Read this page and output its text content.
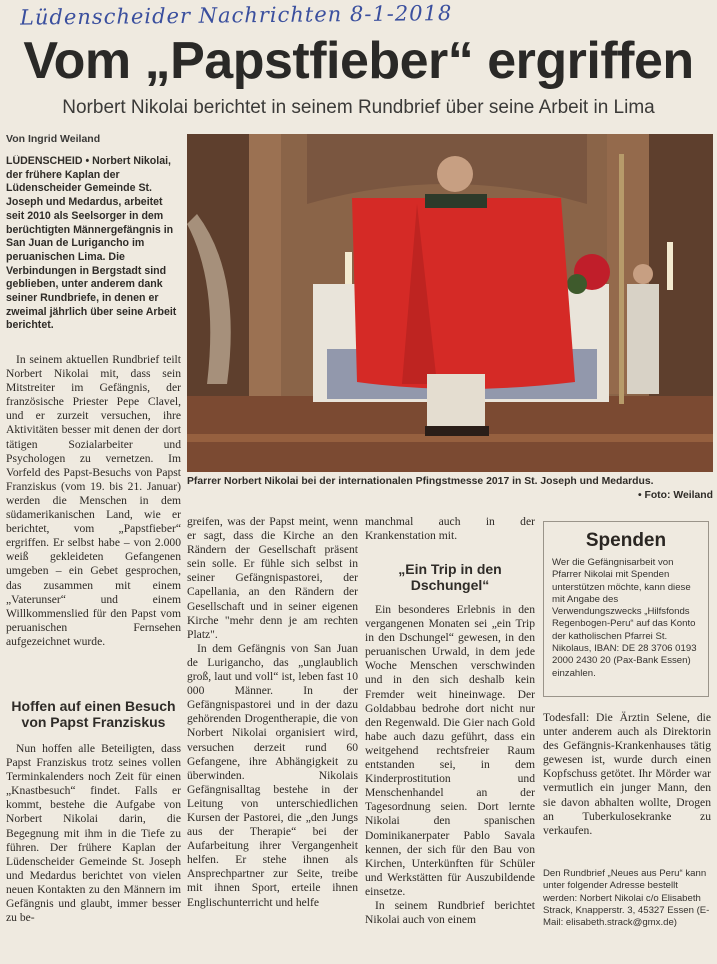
Lüdenscheider Nachrichten 8-1-2018
Vom „Papstfieber“ ergriffen
Norbert Nikolai berichtet in seinem Rundbrief über seine Arbeit in Lima
Von Ingrid Weiland
LÜDENSCHEID • Norbert Nikolai, der frühere Kaplan der Lüdenscheider Gemeinde St. Joseph und Medardus, arbeitet seit 2010 als Seelsorger in dem berüchtigten Männergefängnis in San Juan de Lurigancho im peruanischen Lima. Die Verbindungen in Bergstadt sind geblieben, unter anderem dank seiner Rundbriefe, in denen er zweimal jährlich über seine Arbeit berichtet.

In seinem aktuellen Rundbrief teilt Norbert Nikolai mit, dass sein Mitstreiter im Gefängnis, der französische Priester Pepe Clavel, und er zurzeit versuchen, ihre Aktivitäten besser mit denen der dort tätigen Sozialarbeiter und Psychologen zu vernetzen. Im Vorfeld des Papst-Besuchs von Papst Franziskus (vom 19. bis 21. Januar) werden die Menschen in dem südamerikanischen Land, wie er berichtet, vom „Papstfieber“ ergriffen. Er selbst habe – von 2.000 weiß gekleideten Gefangenen umgeben – ein Gebet gesprochen, das zusammen mit einem „Vaterunser“ und einem Willkommenslied für den Papst vom peruanischen Fernsehen aufgezeichnet wurde.

Hoffen auf einen Besuch von Papst Franziskus

Nun hoffen alle Beteiligten, dass Papst Franziskus trotz seines vollen Terminkalenders noch Zeit für einen „Knastbesuch“ findet. Falls er kommt, bestehe die Aufgabe von Norbert Nikolai darin, die Begegnung mit ihm in die Tiefe zu führen. Der frühere Kaplan der Lüdenscheider Gemeinde St. Joseph und Medardus berichtet von vielen neuen Kontakten zu den Männern im Gefängnis und glaubt, immer besser zu be-

Pfarrer Norbert Nikolai bei der internationalen Pfingstmesse 2017 in St. Joseph und Medardus.
• Foto: Weiland

greifen, was der Papst meint, wenn er sagt, dass die Kirche an den Rändern der Gesellschaft präsent sein solle. Er fühle sich selbst in seiner Gefängnispastorei, der Capellania, an den Rändern der Gesellschaft und in seiner eigenen Kirche "mehr denn je am rechten Platz".

In dem Gefängnis von San Juan de Lurigancho, das „unglaublich groß, laut und voll“ ist, leben fast 10 000 Männer. In der Gefängnispastorei und in der dazu gehörenden Drogentherapie, die von Norbert Nikolai organisiert wird, versuchen derzeit rund 60 Gefangene, ihre Abhängigkeit zu überwinden. Nikolais Gefängnisalltag bestehe in der Leitung von unterschiedlichen Kursen der Pastorei, die „den Jungs aus der Therapie“ bei der Aufarbeitung ihrer Vergangenheit helfen. Er stehe ihnen als Ansprechpartner zur Seite, treibe mit ihnen Sport, erteile ihnen Englischunterricht und helfe

manchmal auch in der Krankenstation mit.

„Ein Trip in den Dschungel“

Ein besonderes Erlebnis in den vergangenen Monaten sei „ein Trip in den Dschungel“ gewesen, in den peruanischen Urwald, in dem jede Woche Menschen verschwinden und in den sich deshalb kein Fremder weit hineinwage. Der Goldabbau bedrohe dort nicht nur den Regenwald. Die Gier nach Gold habe auch dazu geführt, dass ein weitgehend rechtsfreier Raum entstanden sei, in dem Kinderprostitution und Menschenhandel an der Tagesordnung seien. Dort lernte Nikolai den spanischen Dominikanerpater Pablo Savala kennen, der sich für den Bau von Kirchen, Unterkünften für Schüler und Werkstätten für Auszubildende einsetze.

In seinem Rundbrief berichtet Nikolai auch von einem

Spenden
Wer die Gefängnisarbeit von Pfarrer Nikolai mit Spenden unterstützen möchte, kann diese mit Angabe des Verwendungszwecks „Hilfsfonds Regenbogen-Peru“ auf das Konto der katholischen Pfarrei St. Nikolaus, IBAN: DE 28 3706 0193 2000 2430 20 (Pax-Bank Essen) einzahlen.

Todesfall: Die Ärztin Selene, die unter anderem auch als Direktorin des Gefängnis-Krankenhauses tätig gewesen ist, wurde durch einen Kopfschuss getötet. Ihr Mörder war vermutlich ein junger Mann, den sie davon abhalten wollte, Drogen an Tuberkulosekranke zu verkaufen.

Den Rundbrief „Neues aus Peru“ kann unter folgender Adresse bestellt werden: Norbert Nikolai c/o Elisabeth Strack, Knapperstr. 3, 45327 Essen (E-Mail: elisabeth.strack@gmx.de)
